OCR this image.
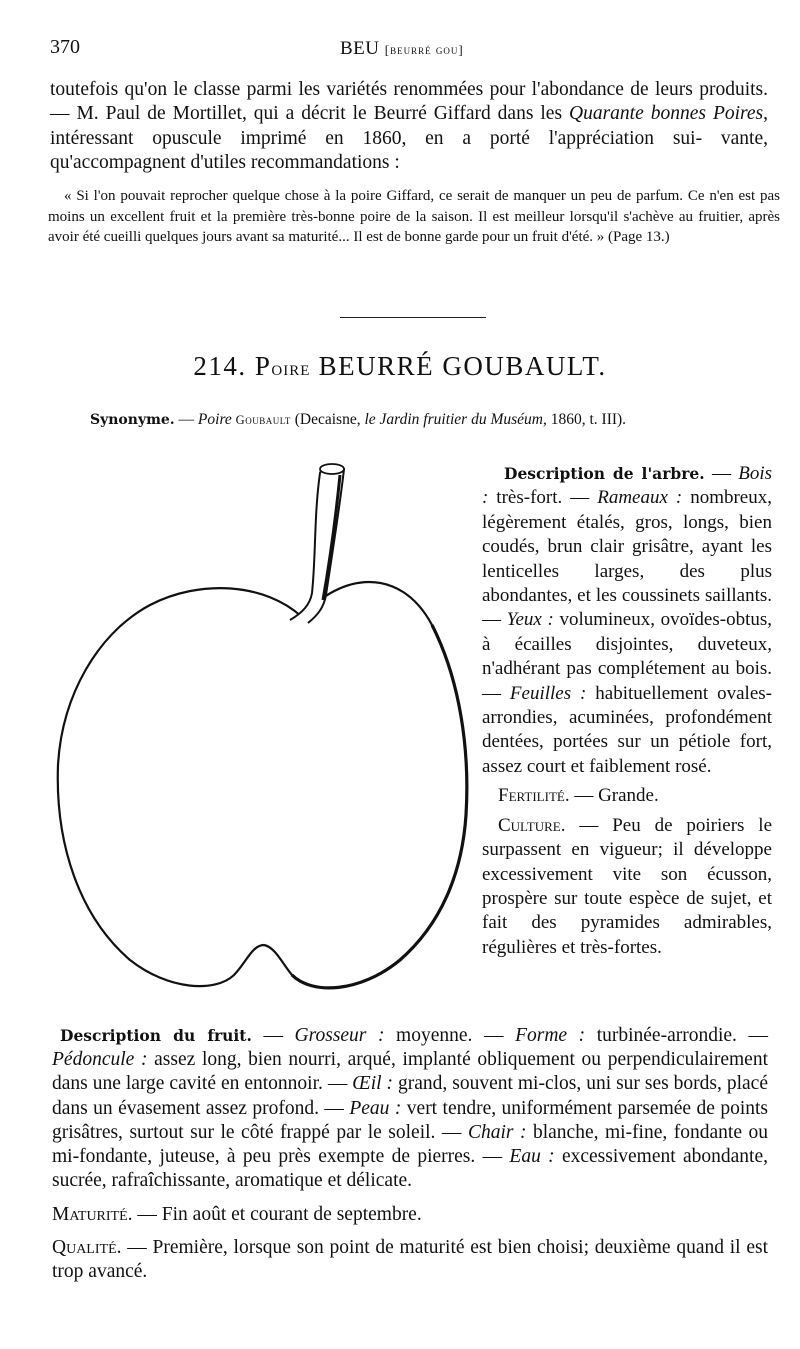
370	BEU [beurré gou]

toutefois qu'on le classe parmi les variétés renommées pour l'abondance de leurs produits. — M. Paul de Mortillet, qui a décrit le Beurré Giffard dans les Quarante bonnes Poires, intéressant opuscule imprimé en 1860, en a porté l'appréciation sui- vante, qu'accompagnent d'utiles recommandations :

« Si l'on pouvait reprocher quelque chose à la poire Giffard, ce serait de manquer un peu de parfum. Ce n'en est pas moins un excellent fruit et la première très-bonne poire de la saison. Il est meilleur lorsqu'il s'achève au fruitier, après avoir été cueilli quelques jours avant sa maturité... Il est de bonne garde pour un fruit d'été. » (Page 13.)

214. Poire BEURRÉ GOUBAULT.
Synonyme. — Poire Goubault (Decaisne, le Jardin fruitier du Muséum, 1860, t. III).

Description de l'arbre. — Bois : très-fort. — Rameaux : nombreux, légèrement étalés, gros, longs, bien coudés, brun clair grisâtre, ayant les lenticelles larges, des plus abondantes, et les coussinets saillants. — Yeux : volumineux, ovoïdes-obtus, à écailles disjointes, duveteux, n'adhérant pas complétement au bois. — Feuilles : habituellement ovales-arrondies, acuminées, profondément dentées, portées sur un pétiole fort, assez court et faiblement rosé.

Fertilité. — Grande.

Culture. — Peu de poiriers le surpassent en vigueur; il développe excessivement vite son écusson, prospère sur toute espèce de sujet, et fait des pyramides admirables, régulières et très-fortes.

Description du fruit. — Grosseur : moyenne. — Forme : turbinée-arrondie. — Pédoncule : assez long, bien nourri, arqué, implanté obliquement ou perpendiculairement dans une large cavité en entonnoir. — Œil : grand, souvent mi-clos, uni sur ses bords, placé dans un évasement assez profond. — Peau : vert tendre, uniformément parsemée de points grisâtres, surtout sur le côté frappé par le soleil. — Chair : blanche, mi-fine, fondante ou mi-fondante, juteuse, à peu près exempte de pierres. — Eau : excessivement abondante, sucrée, rafraîchissante, aromatique et délicate.

Maturité. — Fin août et courant de septembre.

Qualité. — Première, lorsque son point de maturité est bien choisi; deuxième quand il est trop avancé.
